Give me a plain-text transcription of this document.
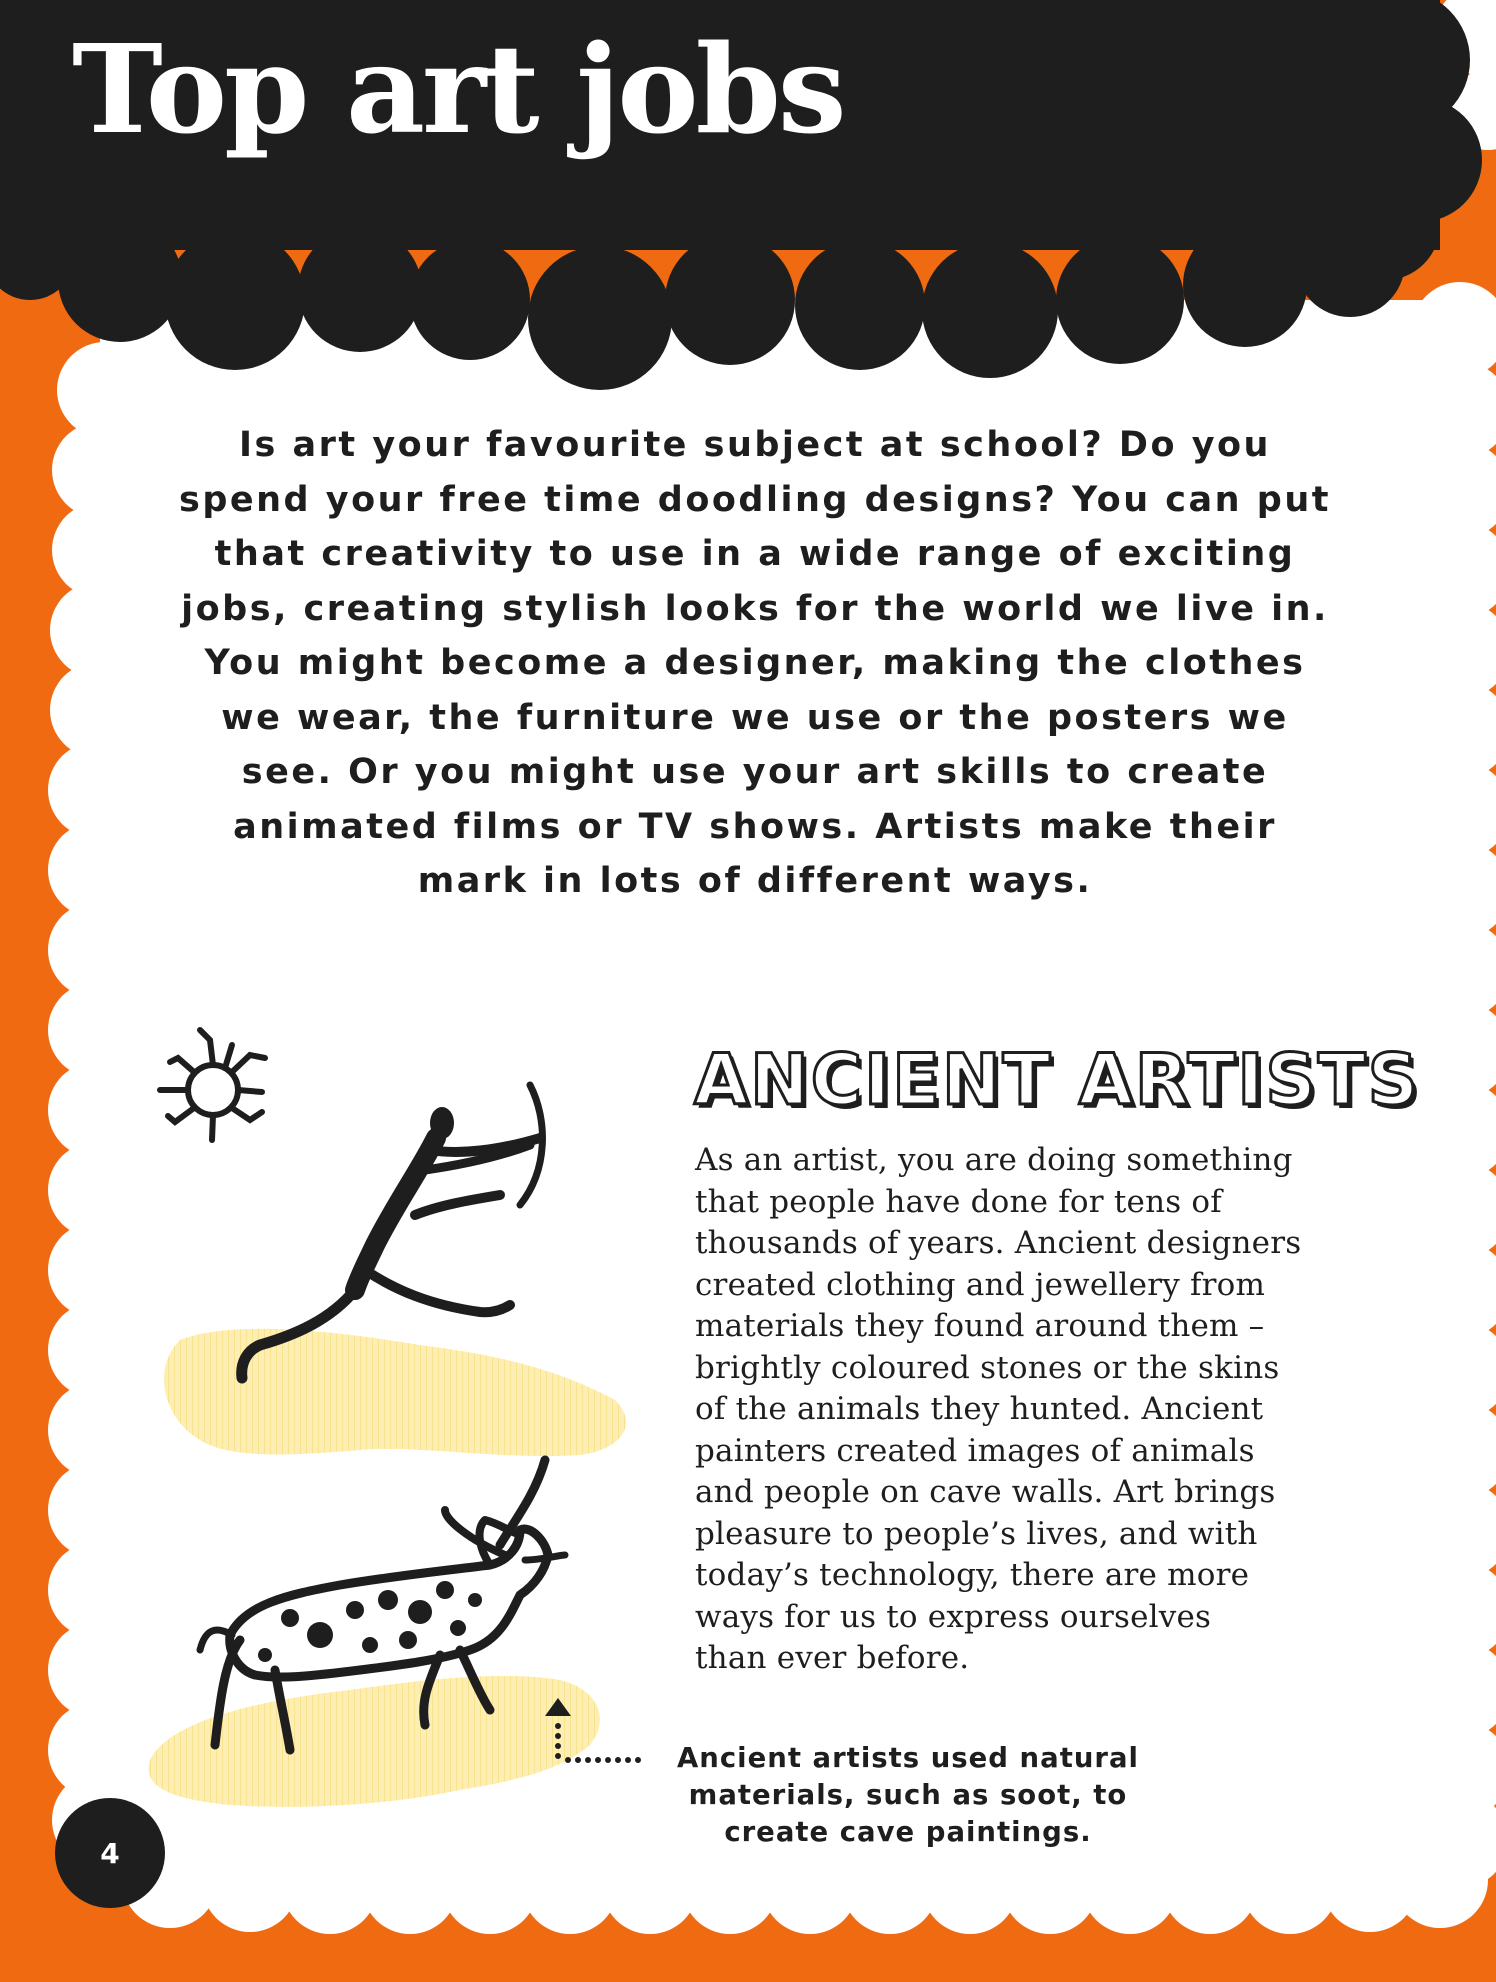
Top art jobs
Is art your favourite subject at school? Do you
spend your free time doodling designs? You can put
that creativity to use in a wide range of exciting
jobs, creating stylish looks for the world we live in.
You might become a designer, making the clothes
we wear, the furniture we use or the posters we
see. Or you might use your art skills to create
animated films or TV shows. Artists make their
mark in lots of different ways.
ANCIENT ARTISTS
As an artist, you are doing something
that people have done for tens of
thousands of years. Ancient designers
created clothing and jewellery from
materials they found around them –
brightly coloured stones or the skins
of the animals they hunted. Ancient
painters created images of animals
and people on cave walls. Art brings
pleasure to people’s lives, and with
today’s technology, there are more
ways for us to express ourselves
than ever before.
Ancient artists used natural
materials, such as soot, to
create cave paintings.
4
